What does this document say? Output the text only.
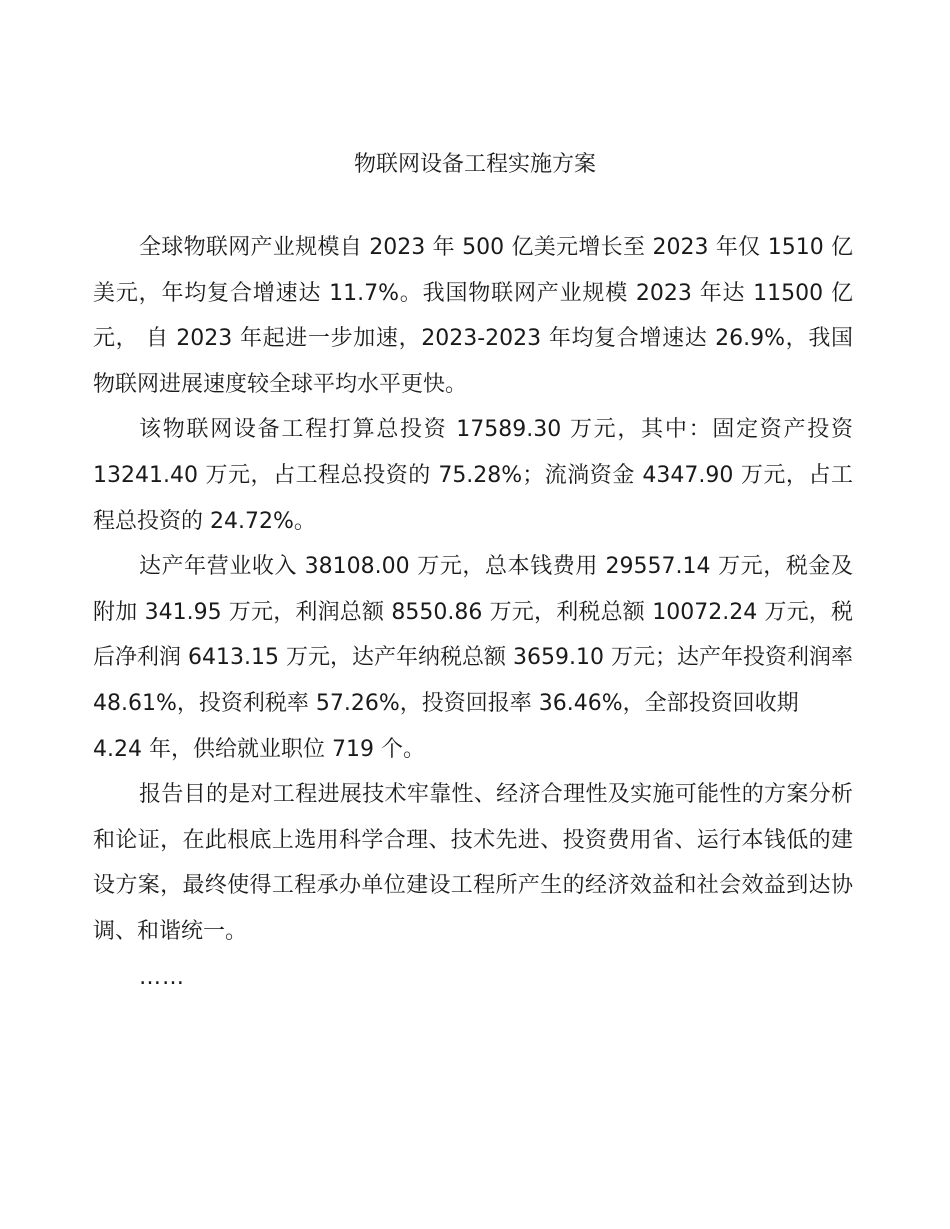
物联网设备工程实施方案

全球物联网产业规模自 2023 年 500 亿美元增长至 2023 年仅 1510 亿美元，年均复合增速达 11.7%。我国物联网产业规模 2023 年达 11500 亿元， 自 2023 年起进一步加速，2023-2023 年均复合增速达 26.9%，我国物联网进展速度较全球平均水平更快。

该物联网设备工程打算总投资 17589.30 万元，其中：固定资产投资 13241.40 万元，占工程总投资的 75.28%；流淌资金 4347.90 万元，占工程总投资的 24.72%。

达产年营业收入 38108.00 万元，总本钱费用 29557.14 万元，税金及附加 341.95 万元，利润总额 8550.86 万元，利税总额 10072.24 万元，税后净利润 6413.15 万元，达产年纳税总额 3659.10 万元；达产年投资利润率 48.61%，投资利税率 57.26%，投资回报率 36.46%，全部投资回收期

4.24 年，供给就业职位 719 个。

报告目的是对工程进展技术牢靠性、经济合理性及实施可能性的方案分析和论证，在此根底上选用科学合理、技术先进、投资费用省、运行本钱低的建设方案，最终使得工程承办单位建设工程所产生的经济效益和社会效益到达协调、和谐统一。

……
